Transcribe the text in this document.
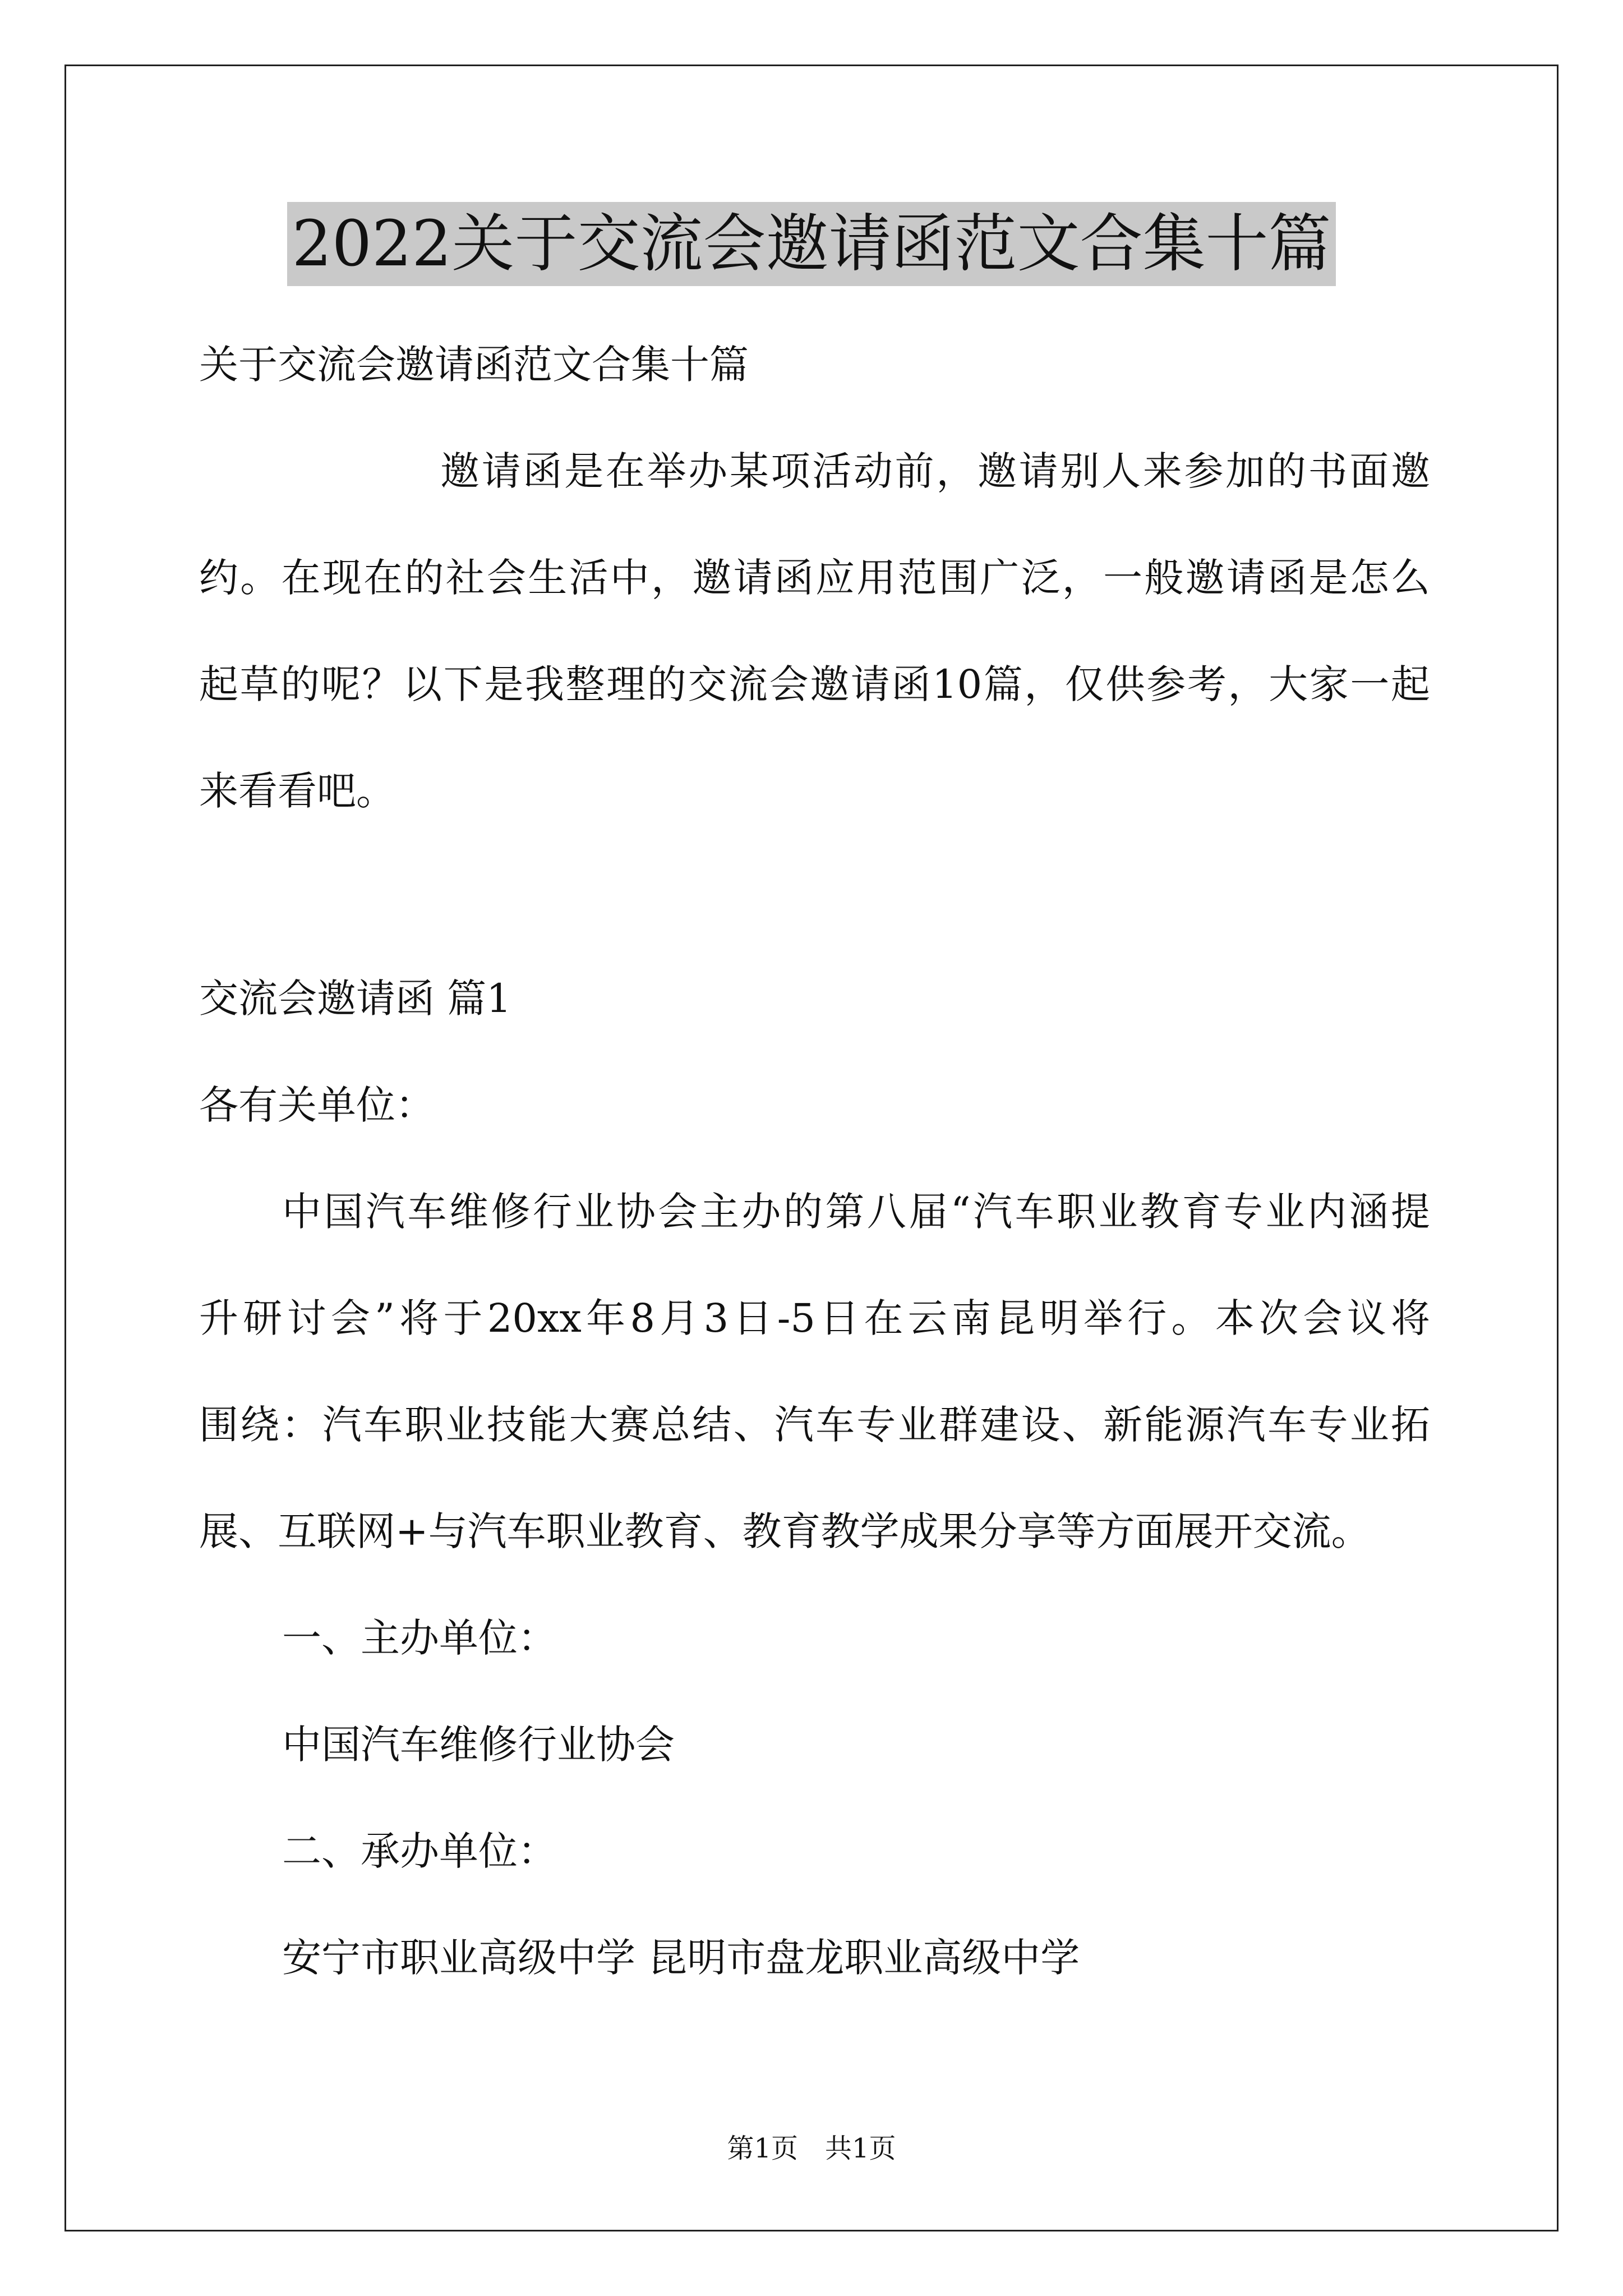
2022关于交流会邀请函范文合集十篇
关于交流会邀请函范文合集十篇
邀请函是在举办某项活动前，邀请别人来参加的书面邀
约。在现在的社会生活中，邀请函应用范围广泛，一般邀请函是怎么
起草的呢？以下是我整理的交流会邀请函10篇，仅供参考，大家一起
来看看吧。
交流会邀请函 篇1
各有关单位：
中国汽车维修行业协会主办的第八届“汽车职业教育专业内涵提
升研讨会”将于20xx年8月3日-5日在云南昆明举行。本次会议将
围绕：汽车职业技能大赛总结、汽车专业群建设、新能源汽车专业拓
展、互联网+与汽车职业教育、教育教学成果分享等方面展开交流。
一、主办单位：
中国汽车维修行业协会
二、承办单位：
安宁市职业高级中学 昆明市盘龙职业高级中学
第1页　共1页
